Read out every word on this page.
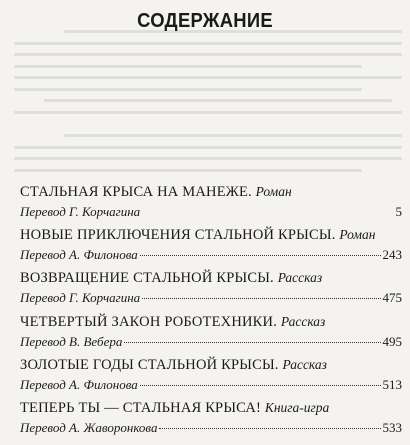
СОДЕРЖАНИЕ
СТАЛЬНАЯ КРЫСА НА МАНЕЖЕ. Роман
Перевод Г. Корчагина	5
НОВЫЕ ПРИКЛЮЧЕНИЯ СТАЛЬНОЙ КРЫСЫ. Роман
Перевод А. Филонова	243
ВОЗВРАЩЕНИЕ СТАЛЬНОЙ КРЫСЫ. Рассказ
Перевод Г. Корчагина	475
ЧЕТВЕРТЫЙ ЗАКОН РОБОТЕХНИКИ. Рассказ
Перевод В. Вебера	495
ЗОЛОТЫЕ ГОДЫ СТАЛЬНОЙ КРЫСЫ. Рассказ
Перевод А. Филонова	513
ТЕПЕРЬ ТЫ — СТАЛЬНАЯ КРЫСА! Книга-игра
Перевод А. Жаворонкова	533
